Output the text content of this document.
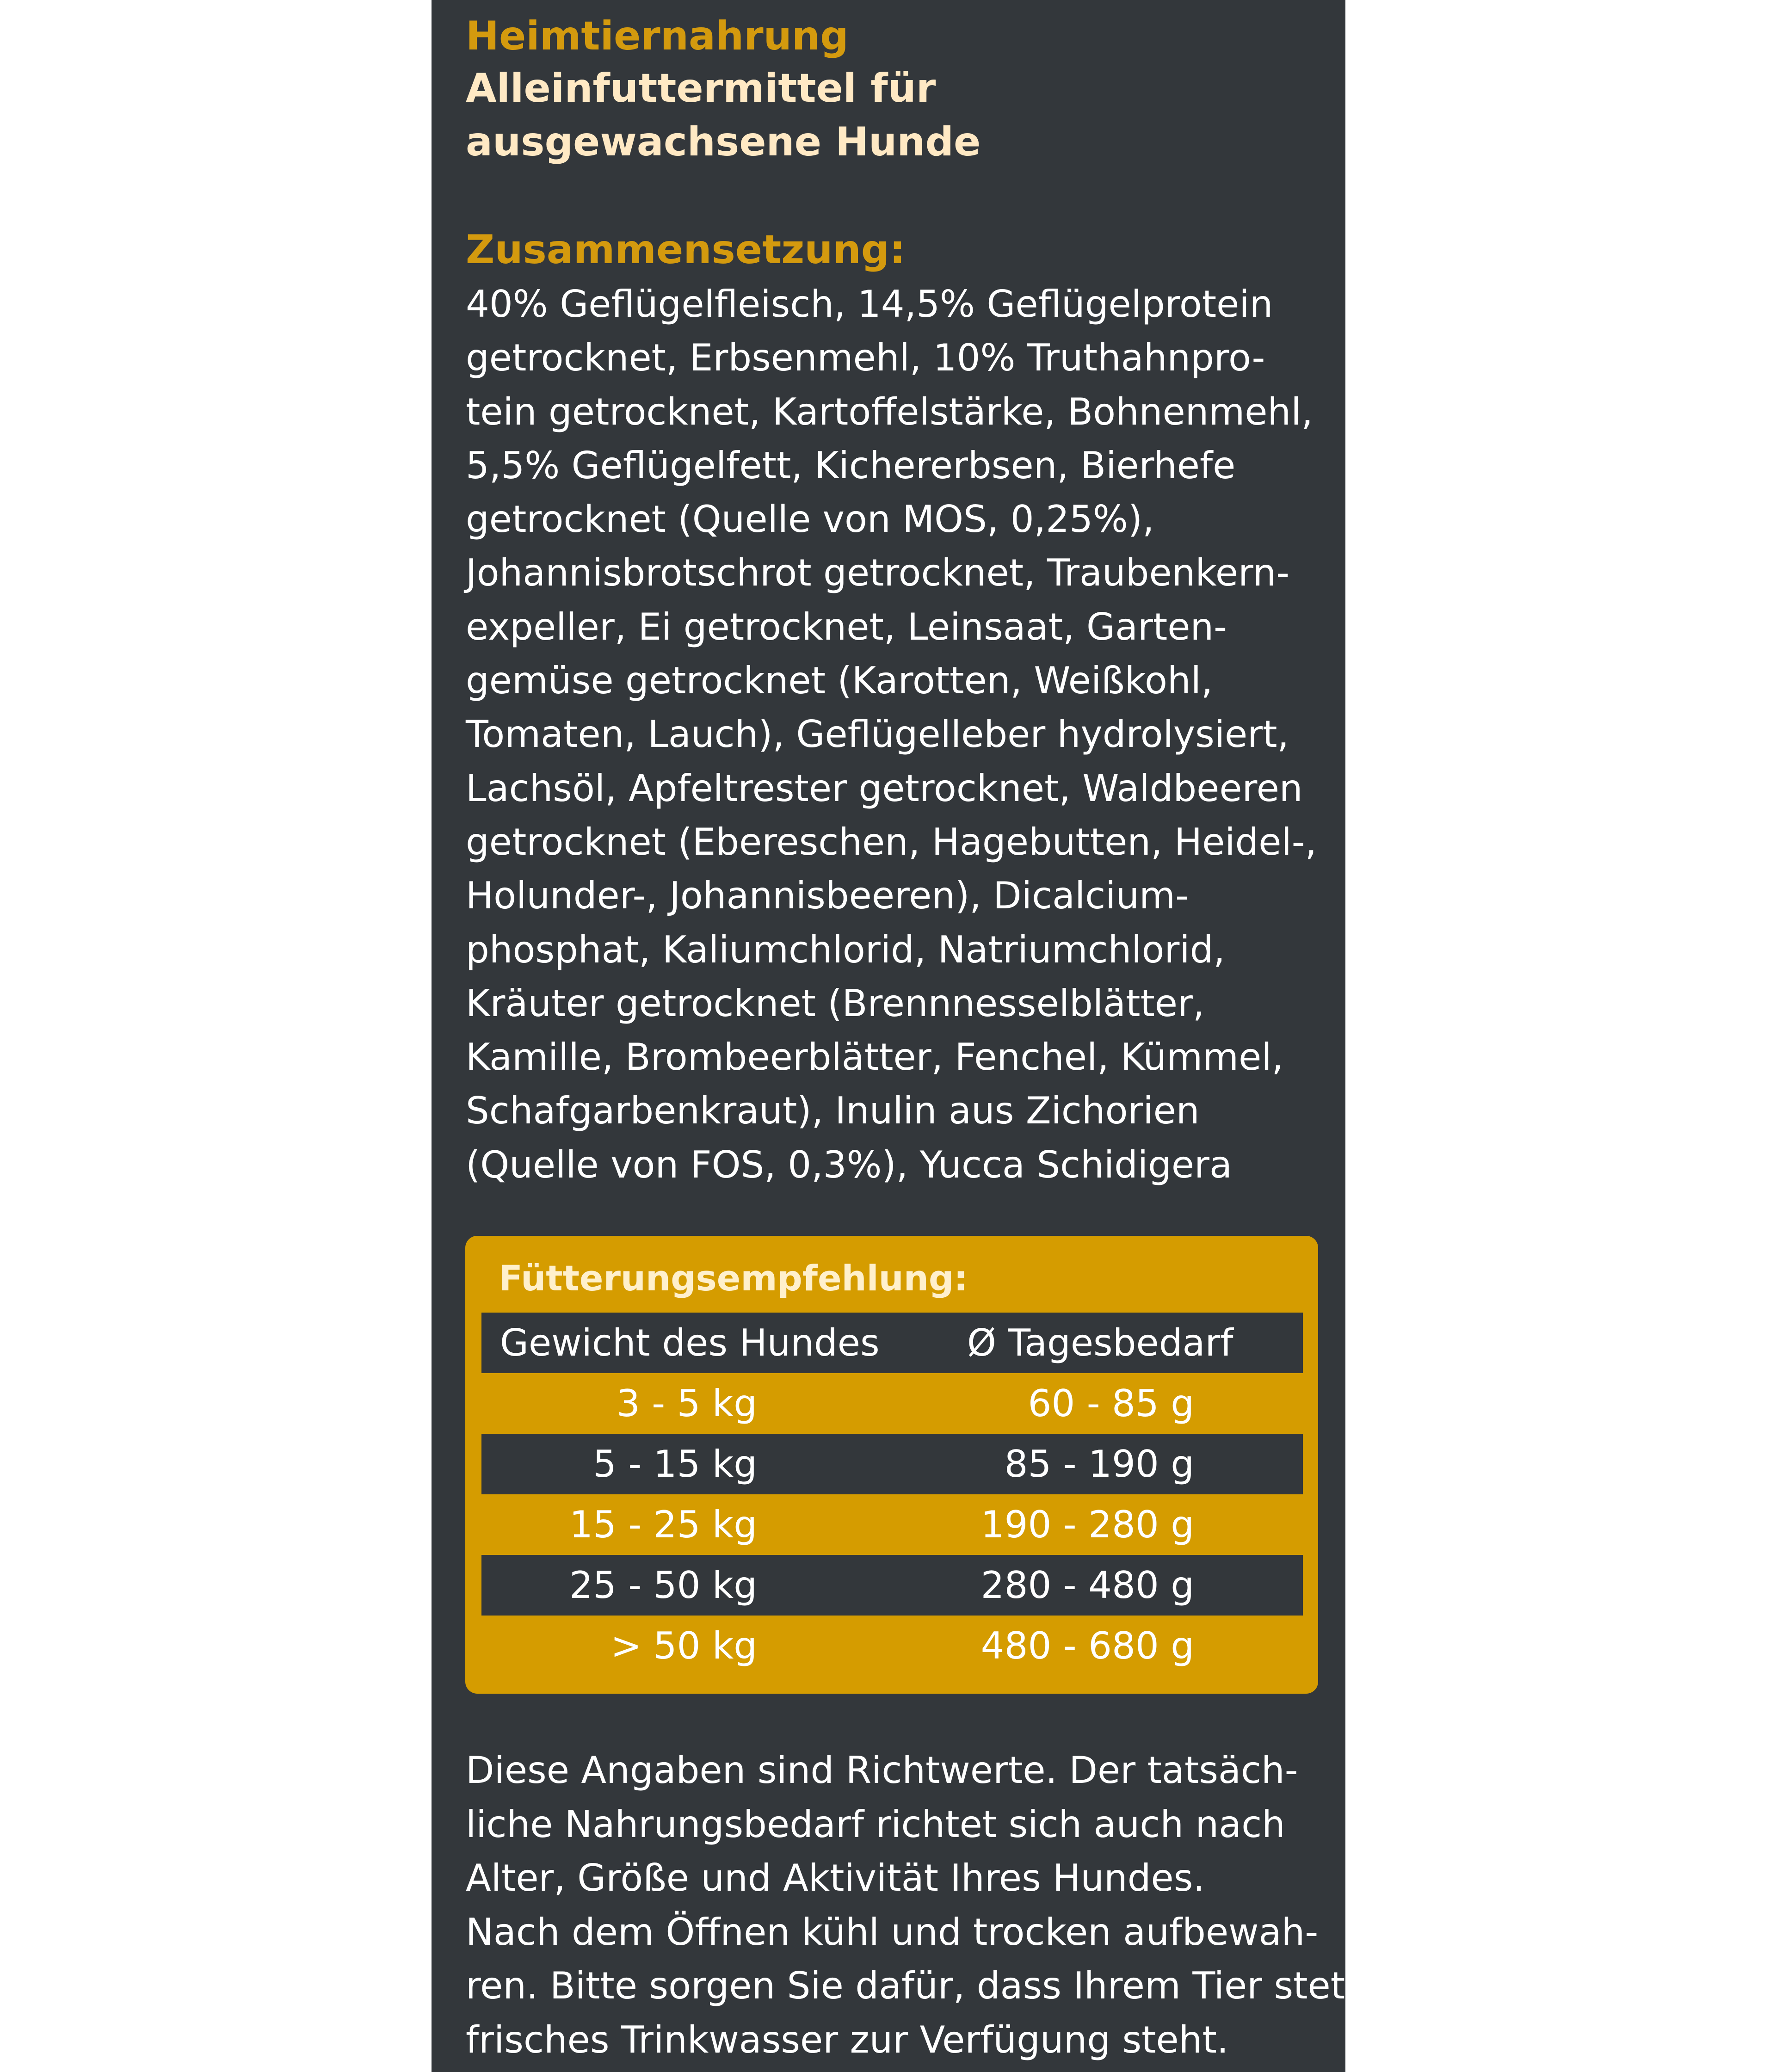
Heimtiernahrung
Alleinfuttermittel für
ausgewachsene Hunde
Zusammensetzung:
40% Geflügelfleisch, 14,5% Geflügelprotein
getrocknet, Erbsenmehl, 10% Truthahnpro-
tein getrocknet, Kartoffelstärke, Bohnenmehl,
5,5% Geflügelfett, Kichererbsen, Bierhefe
getrocknet (Quelle von MOS, 0,25%),
Johannisbrotschrot getrocknet, Traubenkern-
expeller, Ei getrocknet, Leinsaat, Garten-
gemüse getrocknet (Karotten, Weißkohl,
Tomaten, Lauch), Geflügelleber hydrolysiert,
Lachsöl, Apfeltrester getrocknet, Waldbeeren
getrocknet (Ebereschen, Hagebutten, Heidel-,
Holunder-, Johannisbeeren), Dicalcium-
phosphat, Kaliumchlorid, Natriumchlorid,
Kräuter getrocknet (Brennnesselblätter,
Kamille, Brombeerblätter, Fenchel, Kümmel,
Schafgarbenkraut), Inulin aus Zichorien
(Quelle von FOS, 0,3%), Yucca Schidigera
Diese Angaben sind Richtwerte. Der tatsäch-
liche Nahrungsbedarf richtet sich auch nach
Alter, Größe und Aktivität Ihres Hundes.
Nach dem Öffnen kühl und trocken aufbewah-
ren. Bitte sorgen Sie dafür, dass Ihrem Tier stets
frisches Trinkwasser zur Verfügung steht.
Fütterungsempfehlung:
Gewicht des Hundes Ø Tagesbedarf
3 - 5 kg	60 - 85 g
5 - 15 kg	85 - 190 g
15 - 25 kg	190 - 280 g
25 - 50 kg	280 - 480 g
> 50 kg	480 - 680 g
